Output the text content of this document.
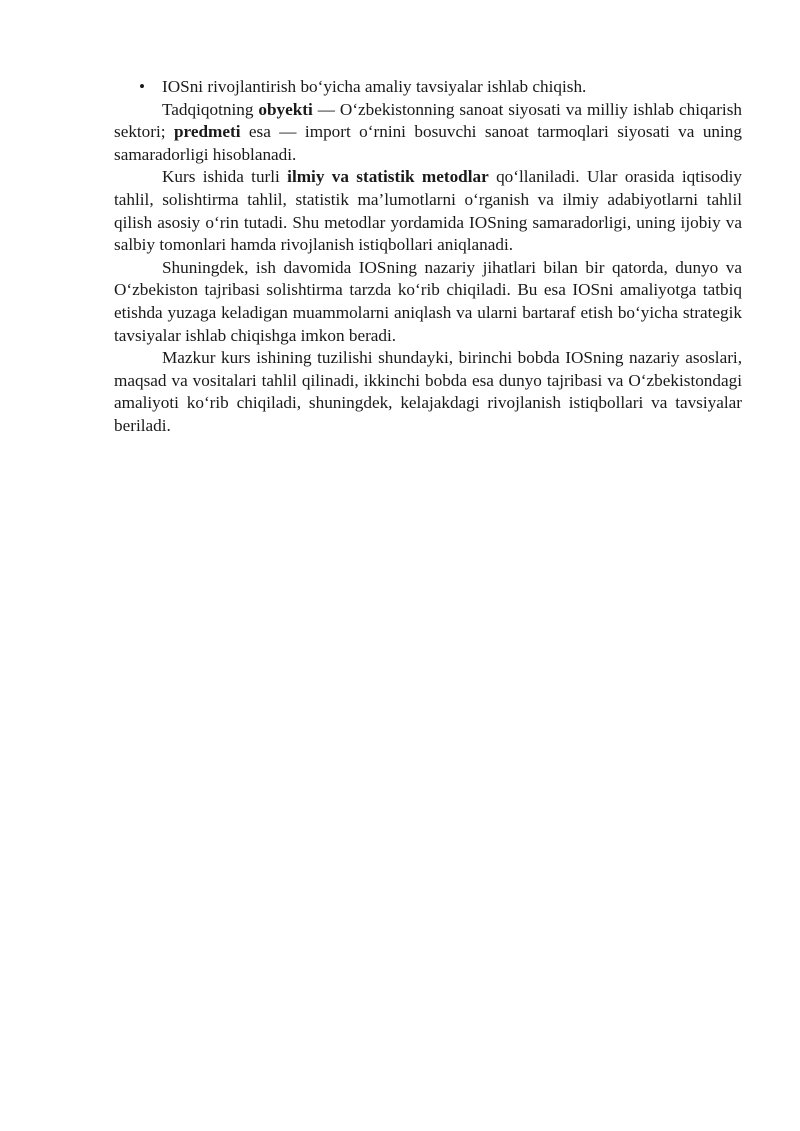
• IOSni rivojlantirish bo‘yicha amaliy tavsiyalar ishlab chiqish.

Tadqiqotning obyekti — O‘zbekistonning sanoat siyosati va milliy ishlab chiqarish sektori; predmeti esa — import o‘rnini bosuvchi sanoat tarmoqlari siyosati va uning samaradorligi hisoblanadi.

Kurs ishida turli ilmiy va statistik metodlar qo‘llaniladi. Ular orasida iqtisodiy tahlil, solishtirma tahlil, statistik ma’lumotlarni o‘rganish va ilmiy adabiyotlarni tahlil qilish asosiy o‘rin tutadi. Shu metodlar yordamida IOSning samaradorligi, uning ijobiy va salbiy tomonlari hamda rivojlanish istiqbollari aniqlanadi.

Shuningdek, ish davomida IOSning nazariy jihatlari bilan bir qatorda, dunyo va O‘zbekiston tajribasi solishtirma tarzda ko‘rib chiqiladi. Bu esa IOSni amaliyotga tatbiq etishda yuzaga keladigan muammolarni aniqlash va ularni bartaraf etish bo‘yicha strategik tavsiyalar ishlab chiqishga imkon beradi.

Mazkur kurs ishining tuzilishi shundayki, birinchi bobda IOSning nazariy asoslari, maqsad va vositalari tahlil qilinadi, ikkinchi bobda esa dunyo tajribasi va O‘zbekistondagi amaliyoti ko‘rib chiqiladi, shuningdek, kelajakdagi rivojlanish istiqbollari va tavsiyalar beriladi.
